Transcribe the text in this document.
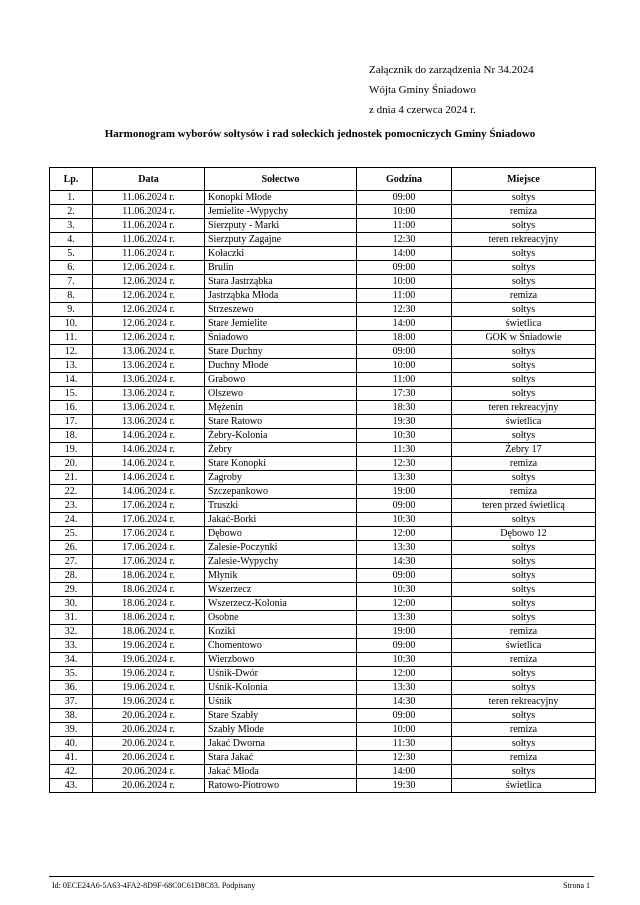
Załącznik do zarządzenia Nr 34.2024
Wójta Gminy Śniadowo
z dnia 4 czerwca 2024 r.
Harmonogram wyborów sołtysów i rad sołeckich jednostek pomocniczych Gminy Śniadowo
Lp.	Data	Sołectwo	Godzina	Miejsce
1.	11.06.2024 r.	Konopki Młode	09:00	sołtys
2.	11.06.2024 r.	Jemielite -Wypychy	10:00	remiza
3.	11.06.2024 r.	Sierzputy - Marki	11:00	sołtys
4.	11.06.2024 r.	Sierzputy Zagajne	12:30	teren rekreacyjny
5.	11.06.2024 r.	Kołaczki	14:00	sołtys
6.	12.06.2024 r.	Brulin	09:00	sołtys
7.	12.06.2024 r.	Stara Jastrząbka	10:00	sołtys
8.	12.06.2024 r.	Jastrząbka Młoda	11:00	remiza
9.	12.06.2024 r.	Strzeszewo	12:30	sołtys
10.	12.06.2024 r.	Stare Jemielite	14:00	świetlica
11.	12.06.2024 r.	Śniadowo	18:00	GOK w Śniadowie
12.	13.06.2024 r.	Stare Duchny	09:00	sołtys
13.	13.06.2024 r.	Duchny Młode	10:00	sołtys
14.	13.06.2024 r.	Grabowo	11:00	sołtys
15.	13.06.2024 r.	Olszewo	17:30	sołtys
16.	13.06.2024 r.	Mężenin	18:30	teren rekreacyjny
17.	13.06.2024 r.	Stare Ratowo	19:30	świetlica
18.	14.06.2024 r.	Żebry-Kolonia	10:30	sołtys
19.	14.06.2024 r.	Żebry	11:30	Żebry 17
20.	14.06.2024 r.	Stare Konopki	12:30	remiza
21.	14.06.2024 r.	Zagroby	13:30	sołtys
22.	14.06.2024 r.	Szczepankowo	19:00	remiza
23.	17.06.2024 r.	Truszki	09:00	teren przed świetlicą
24.	17.06.2024 r.	Jakać-Borki	10:30	sołtys
25.	17.06.2024 r.	Dębowo	12:00	Dębowo 12
26.	17.06.2024 r.	Zalesie-Poczynki	13:30	sołtys
27.	17.06.2024 r.	Zalesie-Wypychy	14:30	sołtys
28.	18.06.2024 r.	Młynik	09:00	sołtys
29.	18.06.2024 r.	Wszerzecz	10:30	sołtys
30.	18.06.2024 r.	Wszerzecz-Kolonia	12:00	sołtys
31.	18.06.2024 r.	Osobne	13:30	sołtys
32.	18.06.2024 r.	Koziki	19:00	remiza
33.	19.06.2024 r.	Chomentowo	09:00	świetlica
34.	19.06.2024 r.	Wierzbowo	10:30	remiza
35.	19.06.2024 r.	Uśnik-Dwór	12:00	sołtys
36.	19.06.2024 r.	Uśnik-Kolonia	13:30	sołtys
37.	19.06.2024 r.	Uśnik	14:30	teren rekreacyjny
38.	20.06.2024 r.	Stare Szabły	09:00	sołtys
39.	20.06.2024 r.	Szabły Młode	10:00	remiza
40.	20.06.2024 r.	Jakać Dworna	11:30	sołtys
41.	20.06.2024 r.	Stara Jakać	12:30	remiza
42.	20.06.2024 r.	Jakać Młoda	14:00	sołtys
43.	20.06.2024 r.	Ratowo-Piotrowo	19:30	świetlica
Id: 0ECE24A6-5A63-4FA2-8D9F-68C0C61D8C83. Podpisany	Strona 1
